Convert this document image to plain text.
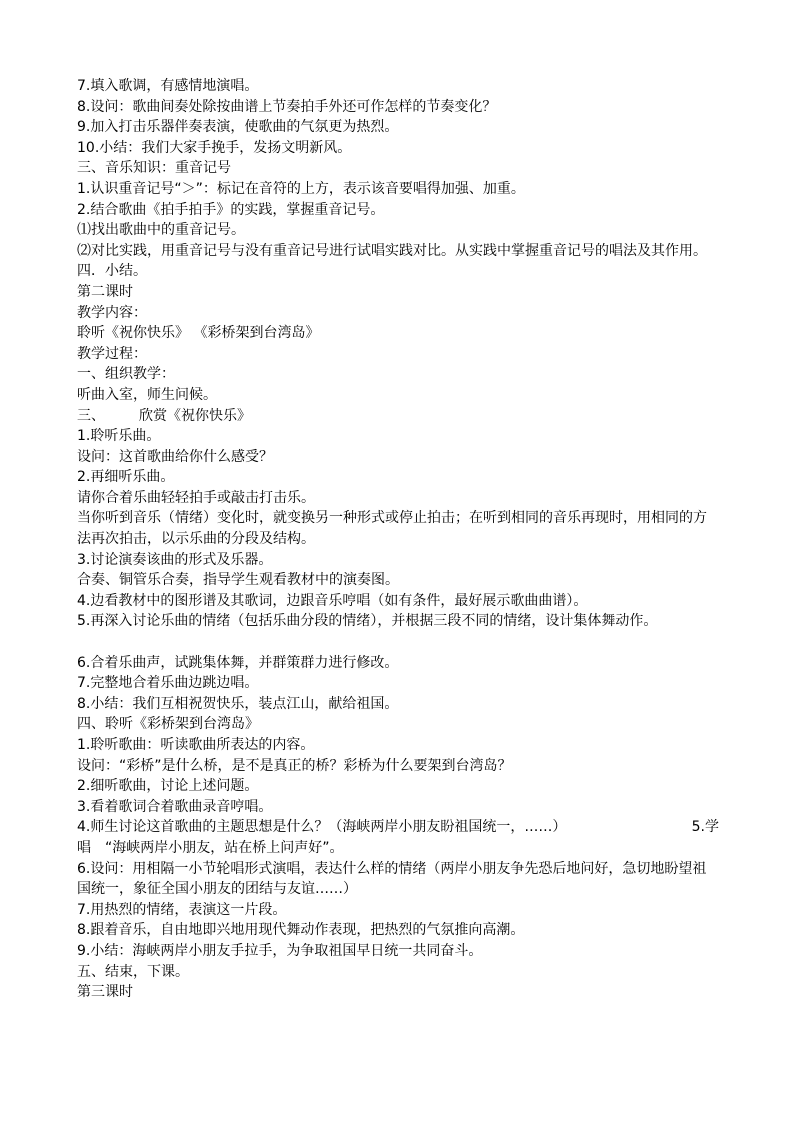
7.填入歌调，有感情地演唱。
8.设问：歌曲间奏处除按曲谱上节奏拍手外还可作怎样的节奏变化？
9.加入打击乐器伴奏表演，使歌曲的气氛更为热烈。
10.小结：我们大家手挽手，发扬文明新风。
三、音乐知识：重音记号
1.认识重音记号“＞”：标记在音符的上方，表示该音要唱得加强、加重。
2.结合歌曲《拍手拍手》的实践，掌握重音记号。
⑴找出歌曲中的重音记号。
⑵对比实践，用重音记号与没有重音记号进行试唱实践对比。从实践中掌握重音记号的唱法及其作用。
四．小结。
第二课时
教学内容：
聆听《祝你快乐》 《彩桥架到台湾岛》
教学过程：
一、组织教学：
听曲入室，师生问候。
三、 欣赏《祝你快乐》
1.聆听乐曲。
设问：这首歌曲给你什么感受？
2.再细听乐曲。
请你合着乐曲轻轻拍手或敲击打击乐。
当你听到音乐（情绪）变化时，就变换另一种形式或停止拍击；在听到相同的音乐再现时，用相同的方法再次拍击，以示乐曲的分段及结构。
3.讨论演奏该曲的形式及乐器。
合奏、铜管乐合奏，指导学生观看教材中的演奏图。
4.边看教材中的图形谱及其歌词，边跟音乐哼唱（如有条件，最好展示歌曲曲谱）。
5.再深入讨论乐曲的情绪（包括乐曲分段的情绪），并根据三段不同的情绪，设计集体舞动作。
6.合着乐曲声，试跳集体舞，并群策群力进行修改。
7.完整地合着乐曲边跳边唱。
8.小结：我们互相祝贺快乐，装点江山，献给祖国。
四、聆听《彩桥架到台湾岛》
1.聆听歌曲：听读歌曲所表达的内容。
设问：“彩桥”是什么桥，是不是真正的桥？彩桥为什么要架到台湾岛？
2.细听歌曲，讨论上述问题。
3.看着歌词合着歌曲录音哼唱。
4.师生讨论这首歌曲的主题思想是什么？（海峡两岸小朋友盼祖国统一，……）	5.学
唱　“海峡两岸小朋友，站在桥上问声好”。
6.设问：用相隔一小节轮唱形式演唱，表达什么样的情绪（两岸小朋友争先恐后地问好，急切地盼望祖国统一，象征全国小朋友的团结与友谊……）
7.用热烈的情绪，表演这一片段。
8.跟着音乐，自由地即兴地用现代舞动作表现，把热烈的气氛推向高潮。
9.小结：海峡两岸小朋友手拉手，为争取祖国早日统一共同奋斗。
五、结束，下课。
第三课时
